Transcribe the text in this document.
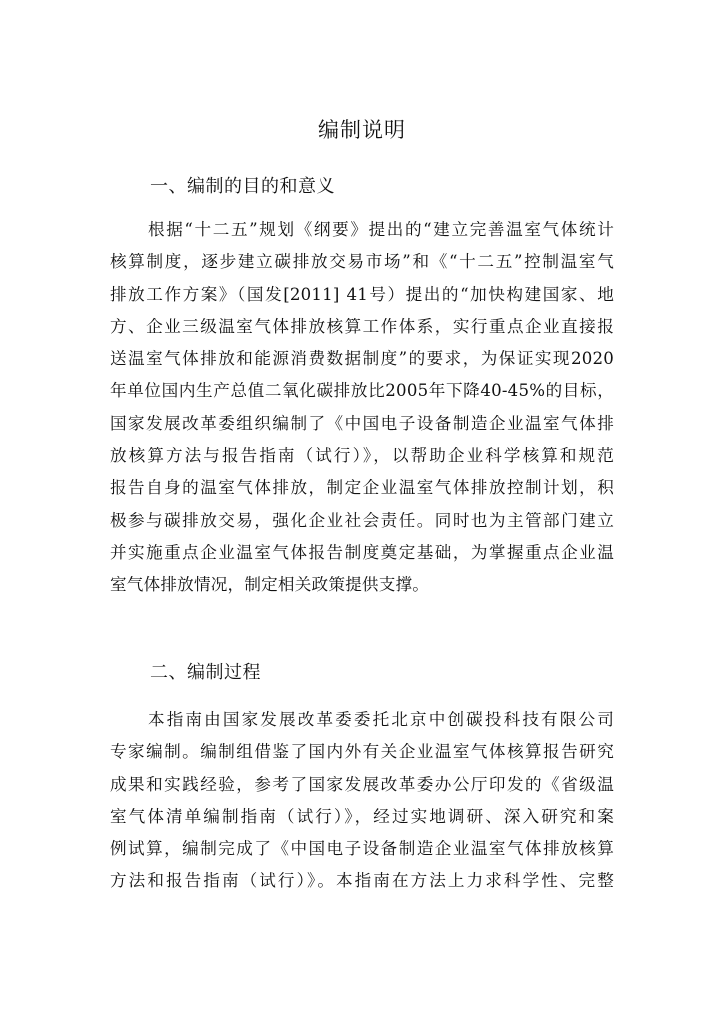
编制说明
一、编制的目的和意义
根据“十二五”规划《纲要》提出的“建立完善温室气体统计
核算制度，逐步建立碳排放交易市场”和《“十二五”控制温室气
排放工作方案》（国发[2011] 41号）提出的“加快构建国家、地
方、企业三级温室气体排放核算工作体系，实行重点企业直接报
送温室气体排放和能源消费数据制度”的要求，为保证实现2020
年单位国内生产总值二氧化碳排放比2005年下降40-45%的目标，
国家发展改革委组织编制了《中国电子设备制造企业温室气体排
放核算方法与报告指南（试行）》，以帮助企业科学核算和规范
报告自身的温室气体排放，制定企业温室气体排放控制计划，积
极参与碳排放交易，强化企业社会责任。同时也为主管部门建立
并实施重点企业温室气体报告制度奠定基础，为掌握重点企业温
室气体排放情况，制定相关政策提供支撑。
二、编制过程
本指南由国家发展改革委委托北京中创碳投科技有限公司
专家编制。编制组借鉴了国内外有关企业温室气体核算报告研究
成果和实践经验，参考了国家发展改革委办公厅印发的《省级温
室气体清单编制指南（试行）》，经过实地调研、深入研究和案
例试算，编制完成了《中国电子设备制造企业温室气体排放核算
方法和报告指南（试行）》。本指南在方法上力求科学性、完整
